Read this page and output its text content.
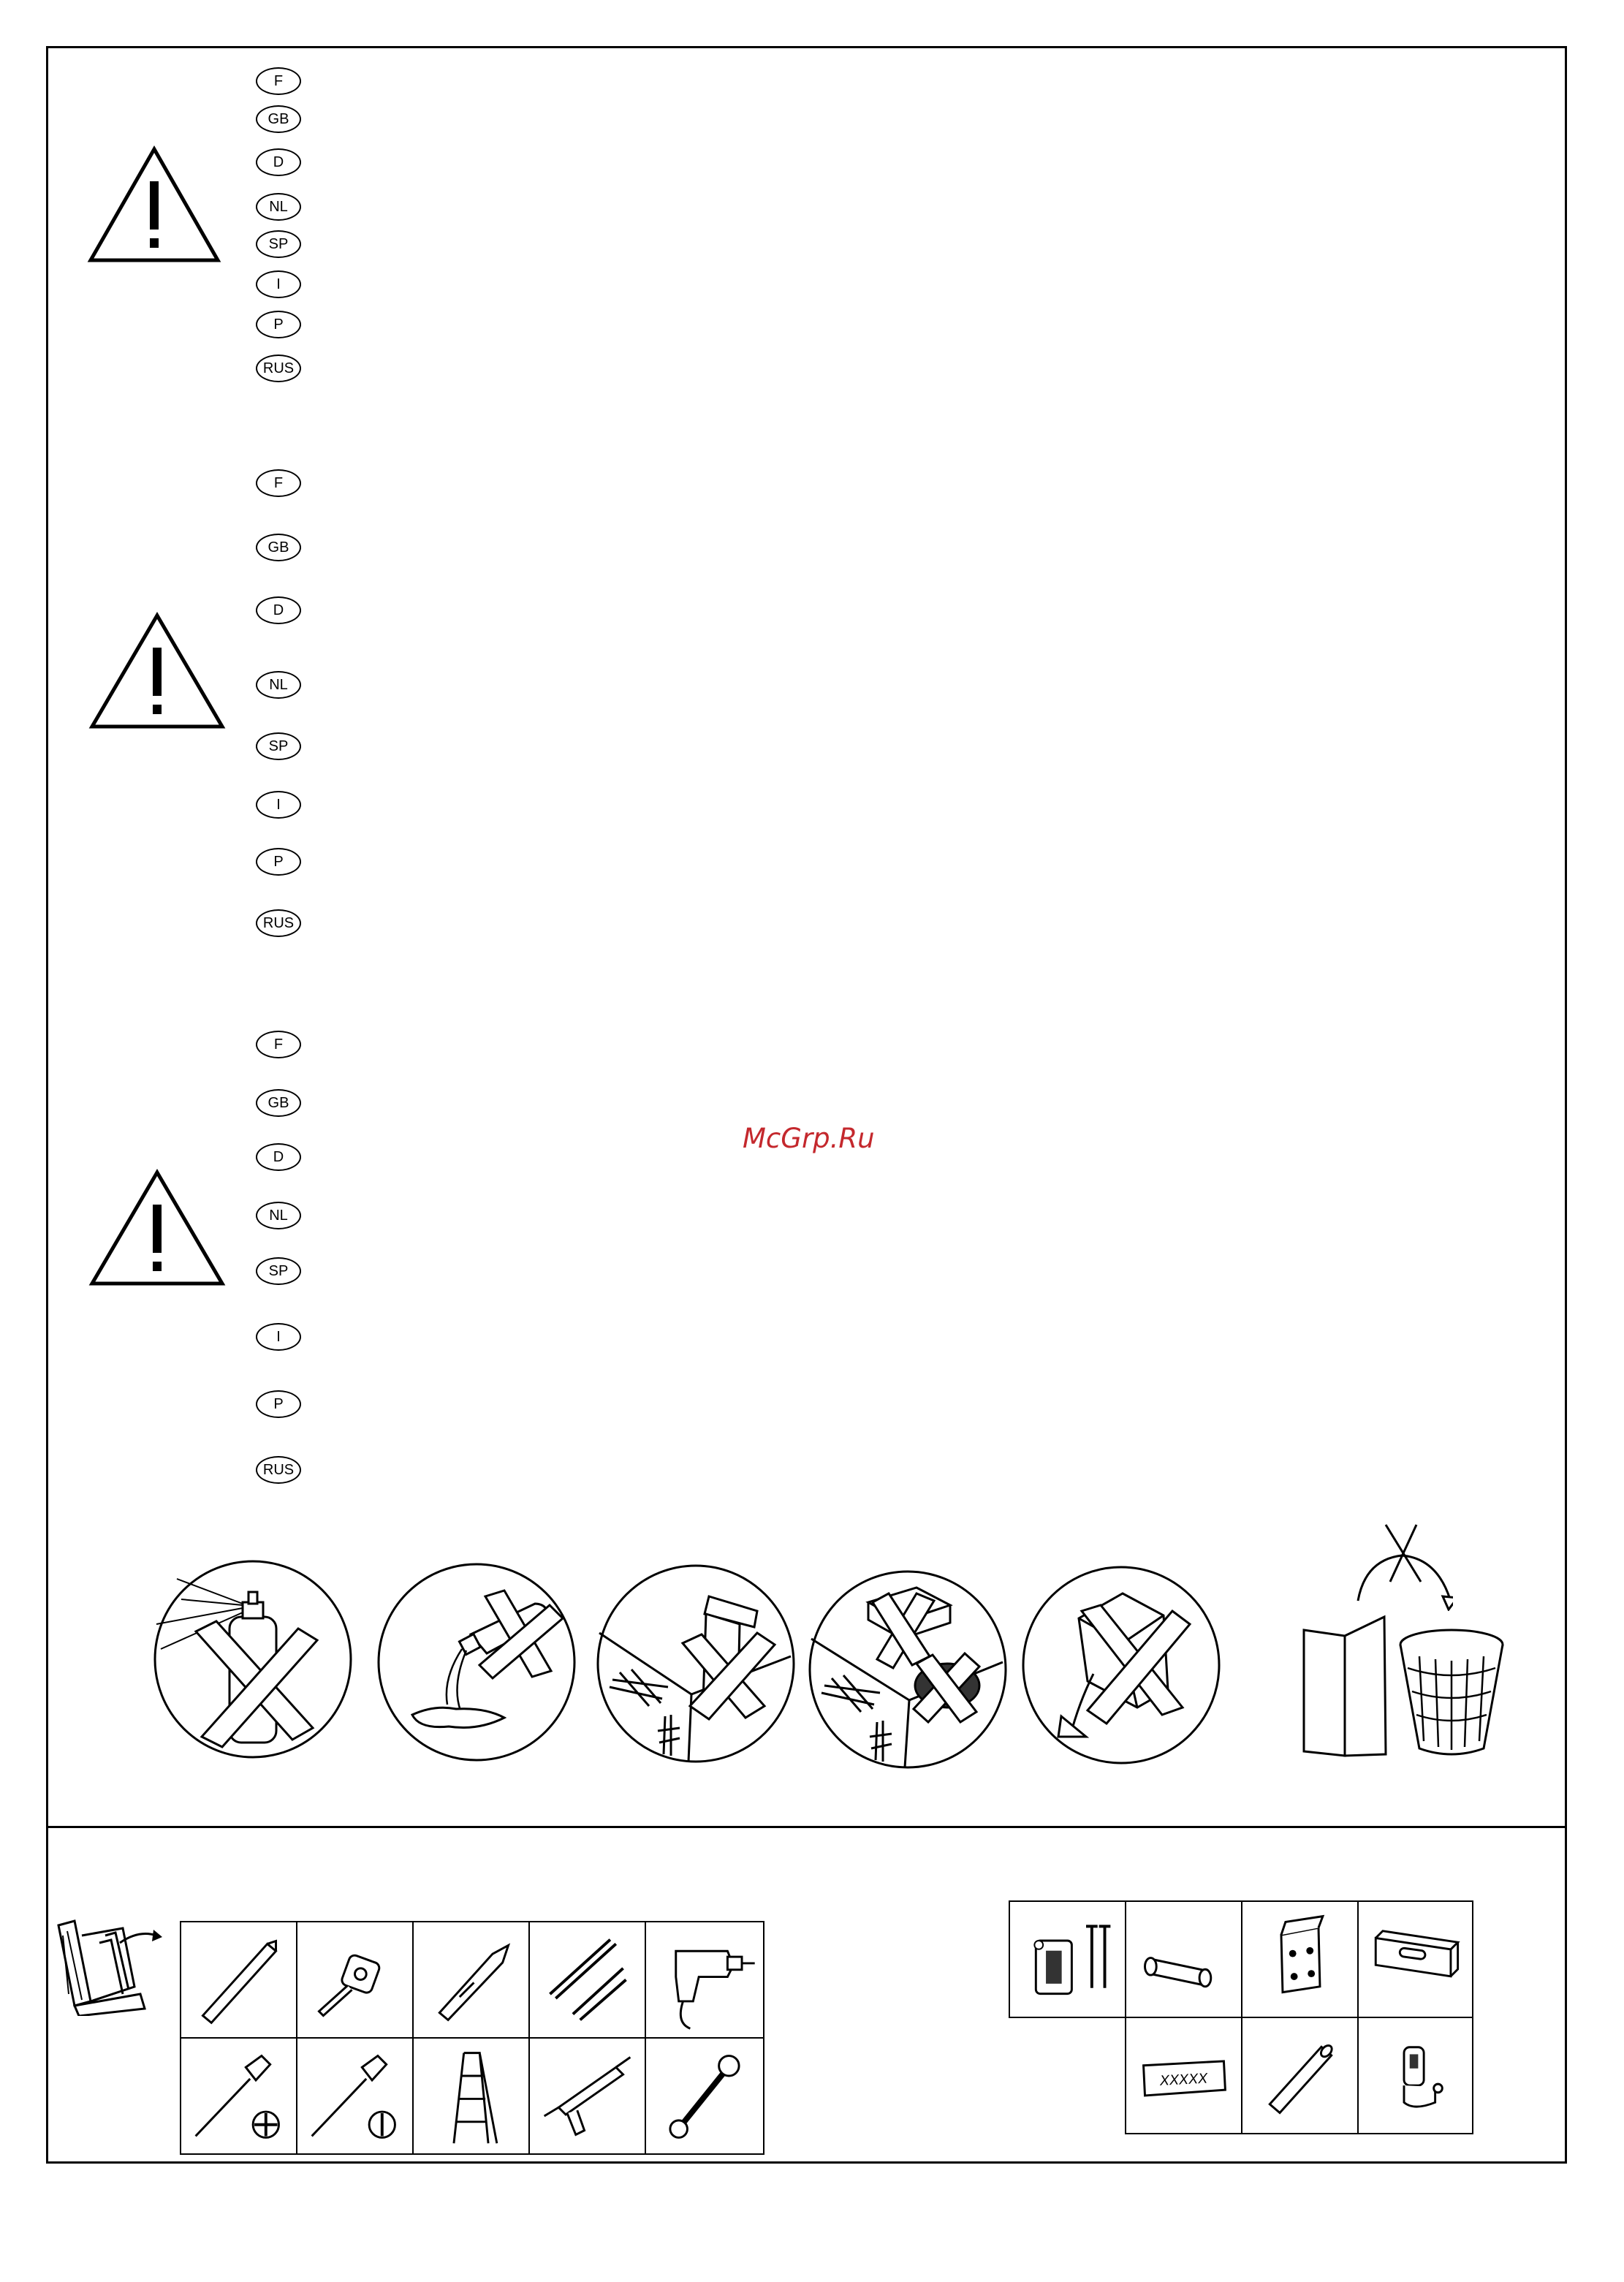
F
GB
D
NL
SP
I
P
RUS
F
GB
D
NL
SP
I
P
RUS
F
GB
D
NL
SP
I
P
RUS
McGrp.Ru
XXXXX
